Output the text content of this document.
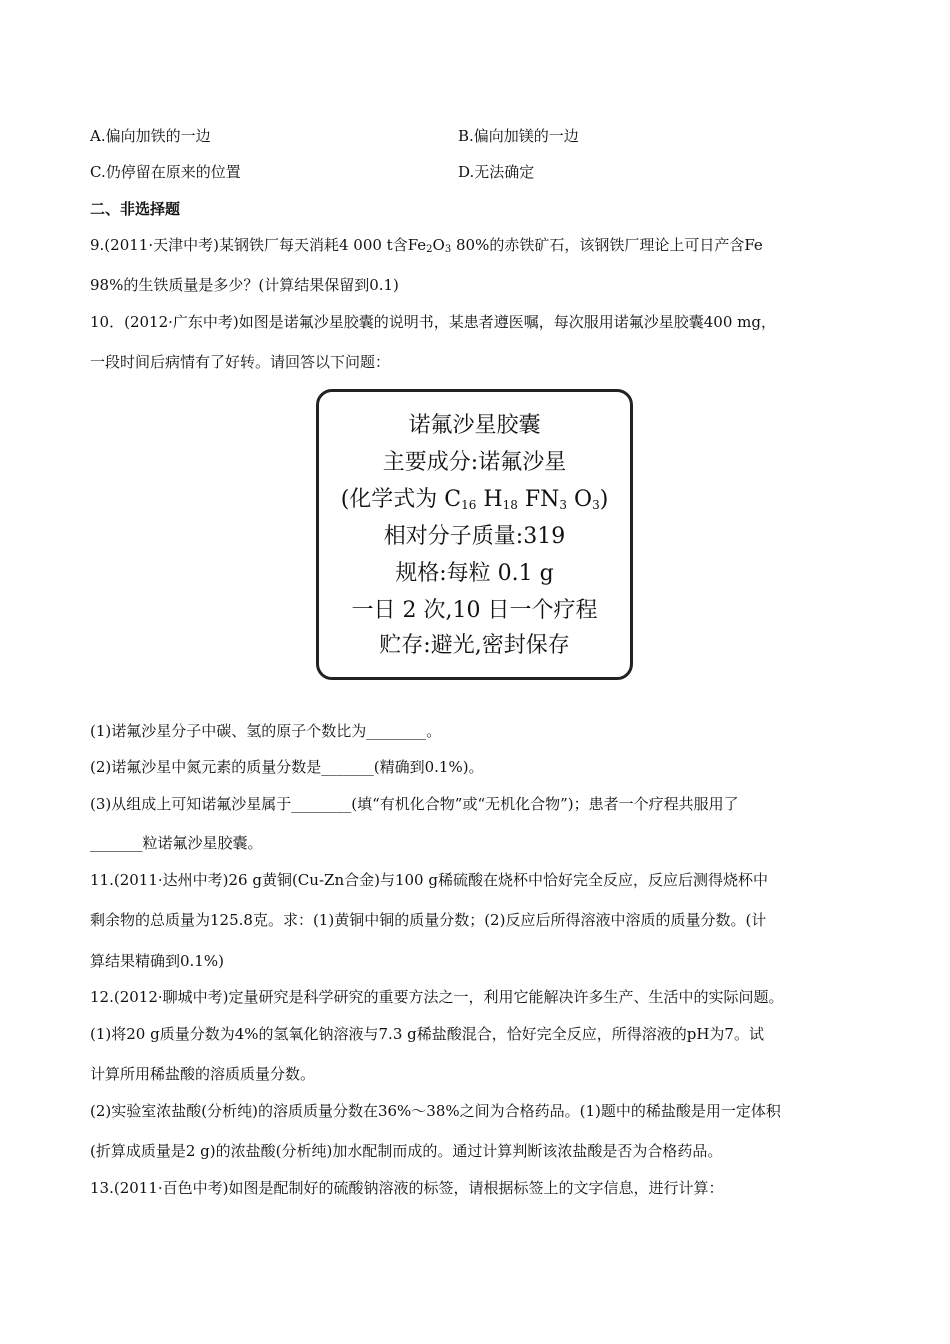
A.偏向加铁的一边	B.偏向加镁的一边
C.仍停留在原来的位置	D.无法确定
二、非选择题
9.(2011·天津中考)某钢铁厂每天消耗4 000 t含$Fe_2O_3$ 80%的赤铁矿石，该钢铁厂理论上可日产含Fe
98%的生铁质量是多少？(计算结果保留到0.1)
10．(2012·广东中考)如图是诺氟沙星胶囊的说明书，某患者遵医嘱，每次服用诺氟沙星胶囊400 mg，
一段时间后病情有了好转。请回答以下问题：
诺氟沙星胶囊
主要成分:诺氟沙星
(化学式为 $C_{16}$ $H_{18}$ $FN_3$ $O_3$)
相对分子质量:319
规格:每粒 0.1 g
一日 2 次,10 日一个疗程
贮存:避光,密封保存
(1)诺氟沙星分子中碳、氢的原子个数比为________。
(2)诺氟沙星中氮元素的质量分数是_______(精确到0.1%)。
(3)从组成上可知诺氟沙星属于________(填“有机化合物”或“无机化合物”)；患者一个疗程共服用了
_______粒诺氟沙星胶囊。
11.(2011·达州中考)26 g黄铜(Cu-Zn合金)与100 g稀硫酸在烧杯中恰好完全反应，反应后测得烧杯中
剩余物的总质量为125.8克。求：(1)黄铜中铜的质量分数；(2)反应后所得溶液中溶质的质量分数。(计
算结果精确到0.1%)
12.(2012·聊城中考)定量研究是科学研究的重要方法之一，利用它能解决许多生产、生活中的实际问题。
(1)将20 g质量分数为4%的氢氧化钠溶液与7.3 g稀盐酸混合，恰好完全反应，所得溶液的pH为7。试
计算所用稀盐酸的溶质质量分数。
(2)实验室浓盐酸(分析纯)的溶质质量分数在36%～38%之间为合格药品。(1)题中的稀盐酸是用一定体积
(折算成质量是2 g)的浓盐酸(分析纯)加水配制而成的。通过计算判断该浓盐酸是否为合格药品。
13.(2011·百色中考)如图是配制好的硫酸钠溶液的标签，请根据标签上的文字信息，进行计算：
